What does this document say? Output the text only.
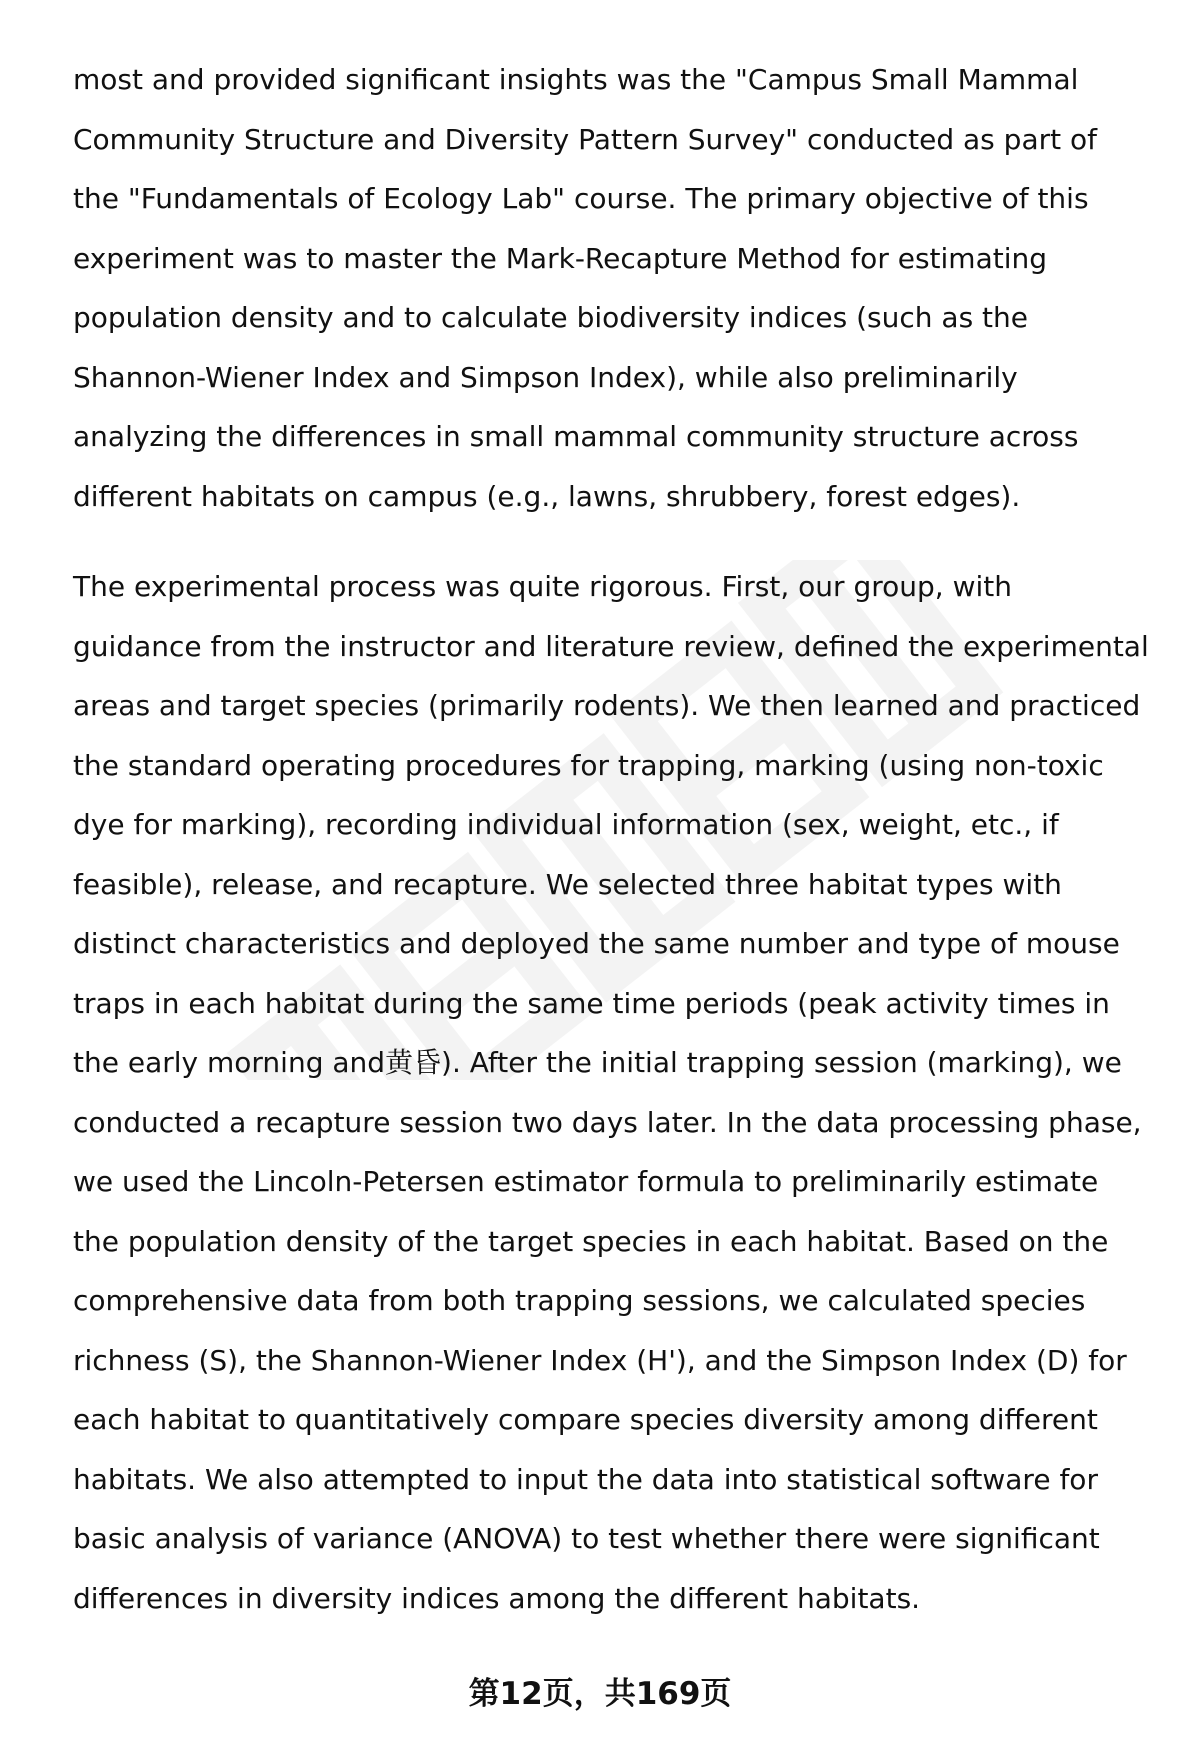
most and provided significant insights was the "Campus Small Mammal
Community Structure and Diversity Pattern Survey" conducted as part of
the "Fundamentals of Ecology Lab" course. The primary objective of this
experiment was to master the Mark-Recapture Method for estimating
population density and to calculate biodiversity indices (such as the
Shannon-Wiener Index and Simpson Index), while also preliminarily
analyzing the differences in small mammal community structure across
different habitats on campus (e.g., lawns, shrubbery, forest edges).

The experimental process was quite rigorous. First, our group, with
guidance from the instructor and literature review, defined the experimental
areas and target species (primarily rodents). We then learned and practiced
the standard operating procedures for trapping, marking (using non-toxic
dye for marking), recording individual information (sex, weight, etc., if
feasible), release, and recapture. We selected three habitat types with
distinct characteristics and deployed the same number and type of mouse
traps in each habitat during the same time periods (peak activity times in
the early morning and黄昏). After the initial trapping session (marking), we
conducted a recapture session two days later. In the data processing phase,
we used the Lincoln-Petersen estimator formula to preliminarily estimate
the population density of the target species in each habitat. Based on the
comprehensive data from both trapping sessions, we calculated species
richness (S), the Shannon-Wiener Index (H'), and the Simpson Index (D) for
each habitat to quantitatively compare species diversity among different
habitats. We also attempted to input the data into statistical software for
basic analysis of variance (ANOVA) to test whether there were significant
differences in diversity indices among the different habitats.

第12页，共169页
